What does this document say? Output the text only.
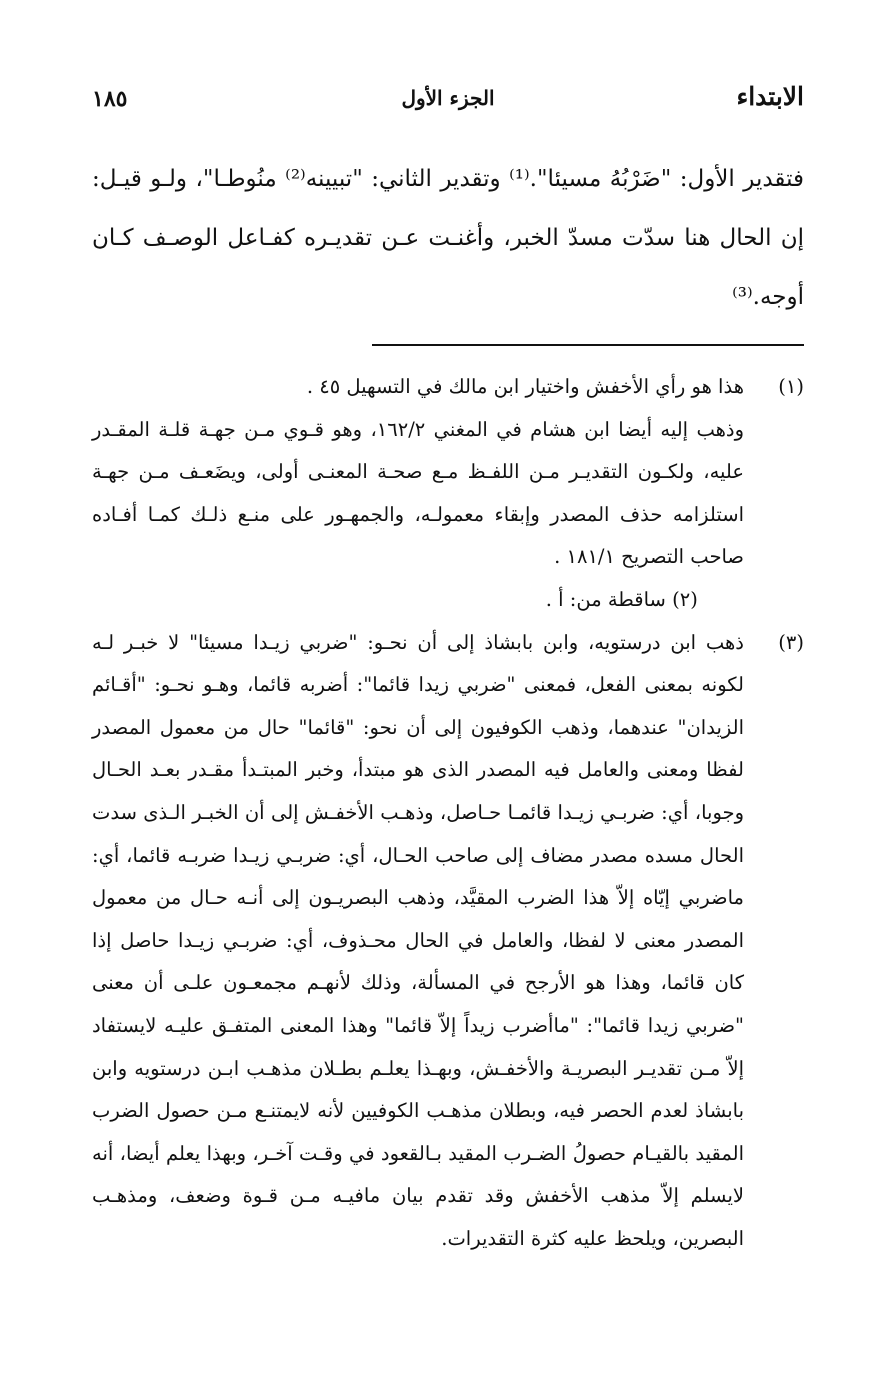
الابتداء
الجزء الأول
١٨٥

فتقدير الأول: "ضَرْبُهُ مسيئا".⁽¹⁾ وتقدير الثاني: "تبيينه⁽²⁾ منُوطـا"، ولـو قيـل:

إن الحال هنا سدّت مسدّ الخبر، وأغنـت عـن تقديـره كفـاعل الوصـف كـان

أوجه.⁽³⁾

(١)

هذا هو رأي الأخفش واختيار ابن مالك في التسهيل ٤٥ .
وذهب إليه أيضا ابن هشام في المغني ١٦٢/٢، وهو قـوي مـن جهـة قلـة المقـدر عليه، ولكـون التقديـر مـن اللفـظ مـع صحـة المعنـى أولى، ويضَعـف مـن جهـة استلزامه حذف المصدر وإبقاء معمولـه، والجمهـور على منـع ذلـك كمـا أفـاده صاحب التصريح ١٨١/١ .

(٢) ساقطة من: أ .

(٣)

ذهب ابن درستويه، وابن بابشاذ إلى أن نحـو: "ضربي زيـدا مسيئا" لا خبـر لـه لكونه بمعنى الفعل، فمعنى "ضربي زيدا قائما": أضربه قائما، وهـو نحـو: "أقـائم الزيدان" عندهما، وذهب الكوفيون إلى أن نحو: "قائما" حال من معمول المصدر لفظا ومعنى والعامل فيه المصدر الذى هو مبتدأ، وخبر المبتـدأ مقـدر بعـد الحـال وجوبا، أي: ضربـي زيـدا قائمـا حـاصل، وذهـب الأخفـش إلى أن الخبـر الـذى سدت الحال مسده مصدر مضاف إلى صاحب الحـال، أي: ضربـي زيـدا ضربـه قائما، أي: ماضربي إيّاه إلاّ هذا الضرب المقيَّد، وذهب البصريـون إلى أنـه حـال من معمول المصدر معنى لا لفظا، والعامل في الحال محـذوف، أي: ضربـي زيـدا حاصل إذا كان قائما، وهذا هو الأرجح في المسألة، وذلك لأنهـم مجمعـون علـى أن معنى "ضربي زيدا قائما": "ماأضرب زيداً إلاّ قائما" وهذا المعنى المتفـق عليـه لايستفاد إلاّ مـن تقديـر البصريـة والأخفـش، وبهـذا يعلـم بطـلان مذهـب ابـن درستويه وابن بابشاذ لعدم الحصر فيه، وبطلان مذهـب الكوفيين لأنه لايمتنـع مـن حصول الضرب المقيد بالقيـام حصولُ الضـرب المقيد بـالقعود في وقـت آخـر، وبهذا يعلم أيضا، أنه لايسلم إلاّ مذهب الأخفش وقد تقدم بيان مافيـه مـن قـوة وضعف، ومذهـب البصرين، ويلحظ عليه كثرة التقديرات.
